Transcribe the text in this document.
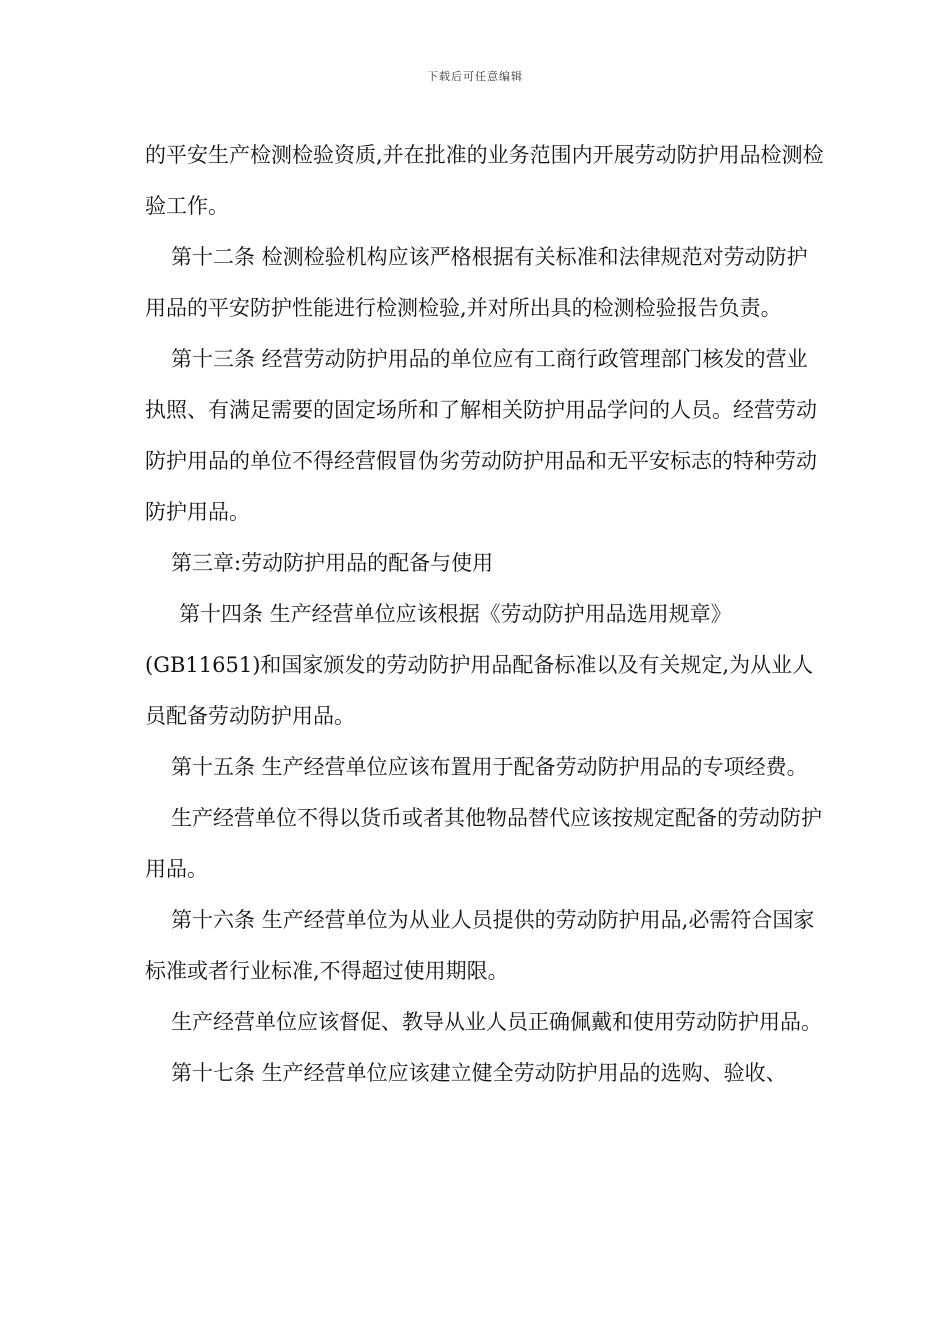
下载后可任意编辑

的平安生产检测检验资质,并在批准的业务范围内开展劳动防护用品检测检验工作。

第十二条 检测检验机构应该严格根据有关标准和法律规范对劳动防护用品的平安防护性能进行检测检验,并对所出具的检测检验报告负责。

第十三条 经营劳动防护用品的单位应有工商行政管理部门核发的营业执照、有满足需要的固定场所和了解相关防护用品学问的人员。经营劳动防护用品的单位不得经营假冒伪劣劳动防护用品和无平安标志的特种劳动防护用品。

第三章:劳动防护用品的配备与使用

第十四条 生产经营单位应该根据《劳动防护用品选用规章》(GB11651)和国家颁发的劳动防护用品配备标准以及有关规定,为从业人员配备劳动防护用品。

第十五条 生产经营单位应该布置用于配备劳动防护用品的专项经费。

生产经营单位不得以货币或者其他物品替代应该按规定配备的劳动防护用品。

第十六条 生产经营单位为从业人员提供的劳动防护用品,必需符合国家标准或者行业标准,不得超过使用期限。

生产经营单位应该督促、教导从业人员正确佩戴和使用劳动防护用品。

第十七条 生产经营单位应该建立健全劳动防护用品的选购、验收、
